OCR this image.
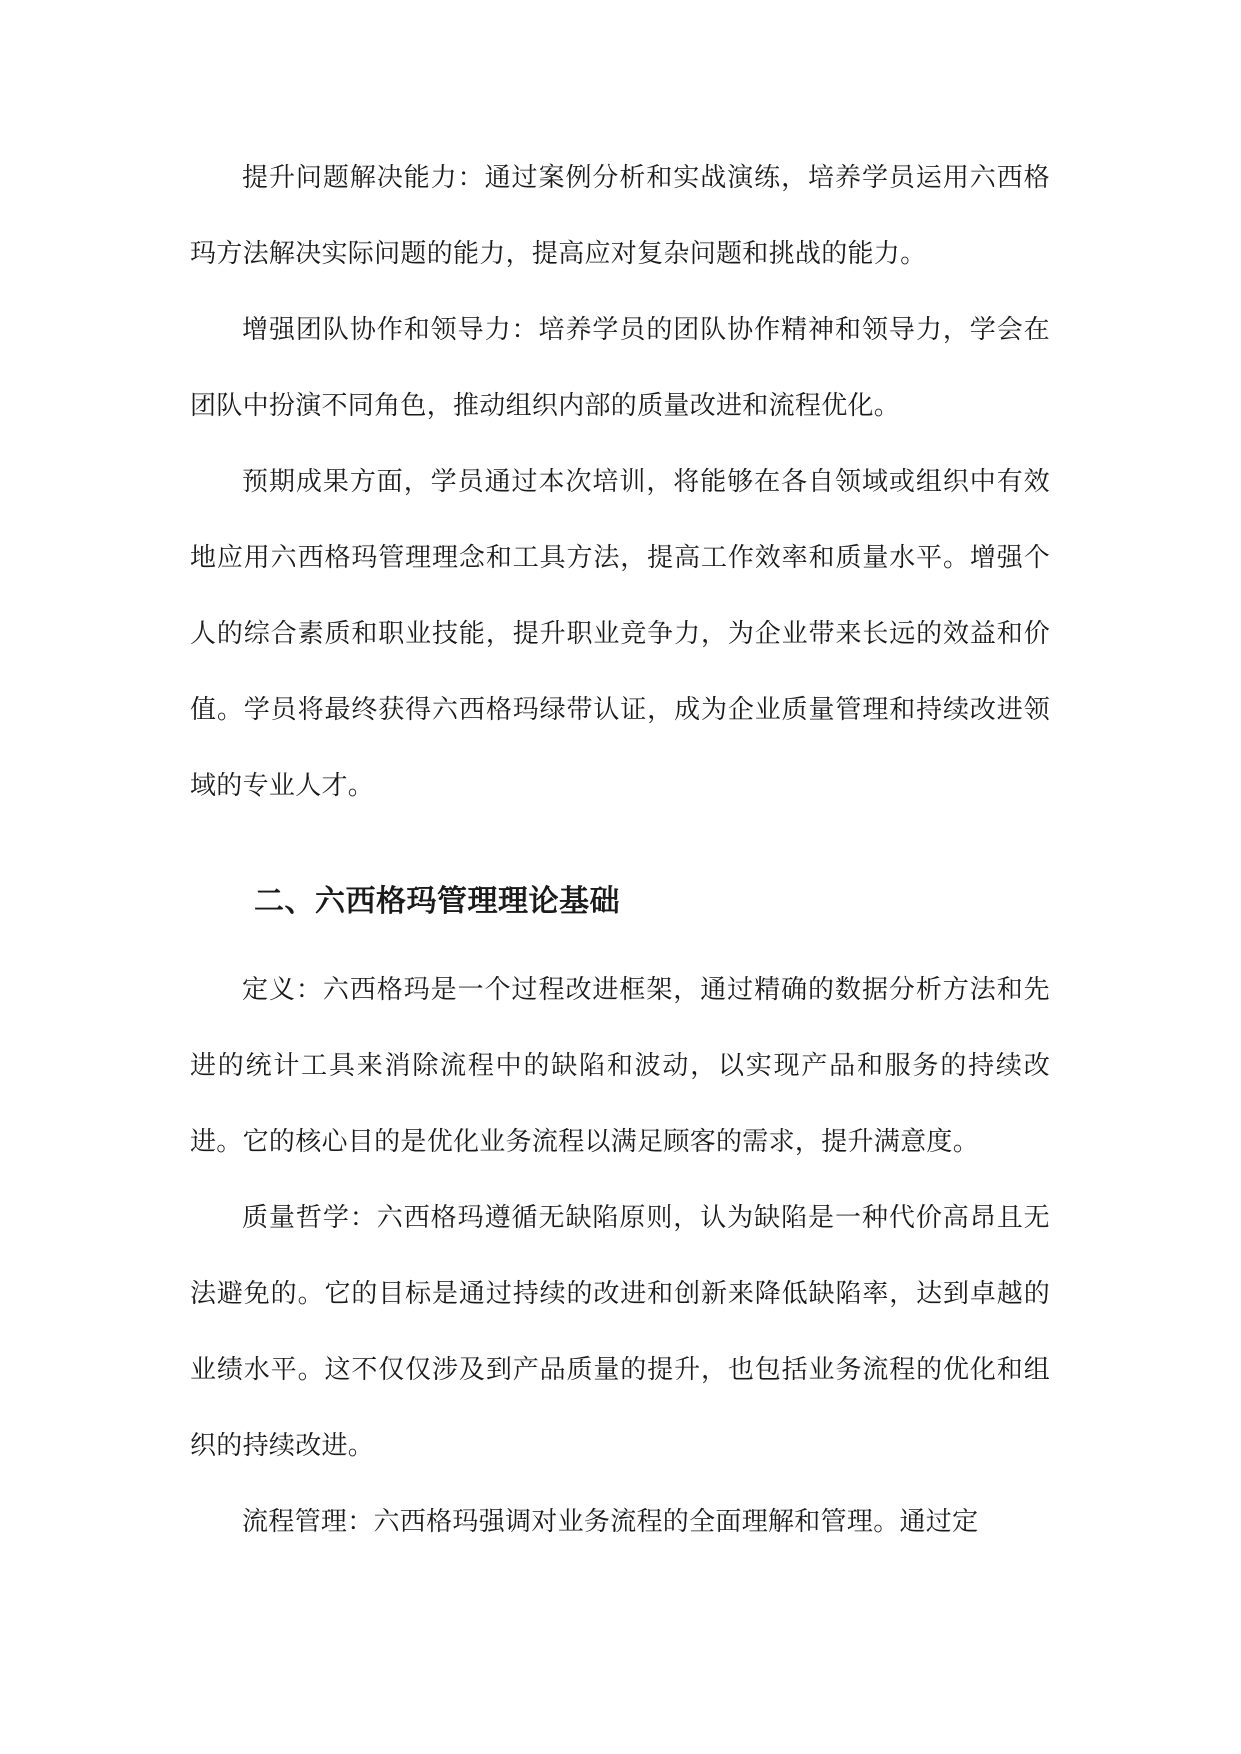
提升问题解决能力：通过案例分析和实战演练，培养学员运用六西格玛方法解决实际问题的能力，提高应对复杂问题和挑战的能力。

增强团队协作和领导力：培养学员的团队协作精神和领导力，学会在团队中扮演不同角色，推动组织内部的质量改进和流程优化。

预期成果方面，学员通过本次培训，将能够在各自领域或组织中有效地应用六西格玛管理理念和工具方法，提高工作效率和质量水平。增强个人的综合素质和职业技能，提升职业竞争力，为企业带来长远的效益和价值。学员将最终获得六西格玛绿带认证，成为企业质量管理和持续改进领域的专业人才。

二、六西格玛管理理论基础

定义：六西格玛是一个过程改进框架，通过精确的数据分析方法和先进的统计工具来消除流程中的缺陷和波动，以实现产品和服务的持续改进。它的核心目的是优化业务流程以满足顾客的需求，提升满意度。

质量哲学：六西格玛遵循无缺陷原则，认为缺陷是一种代价高昂且无法避免的。它的目标是通过持续的改进和创新来降低缺陷率，达到卓越的业绩水平。这不仅仅涉及到产品质量的提升，也包括业务流程的优化和组织的持续改进。

流程管理：六西格玛强调对业务流程的全面理解和管理。通过定
